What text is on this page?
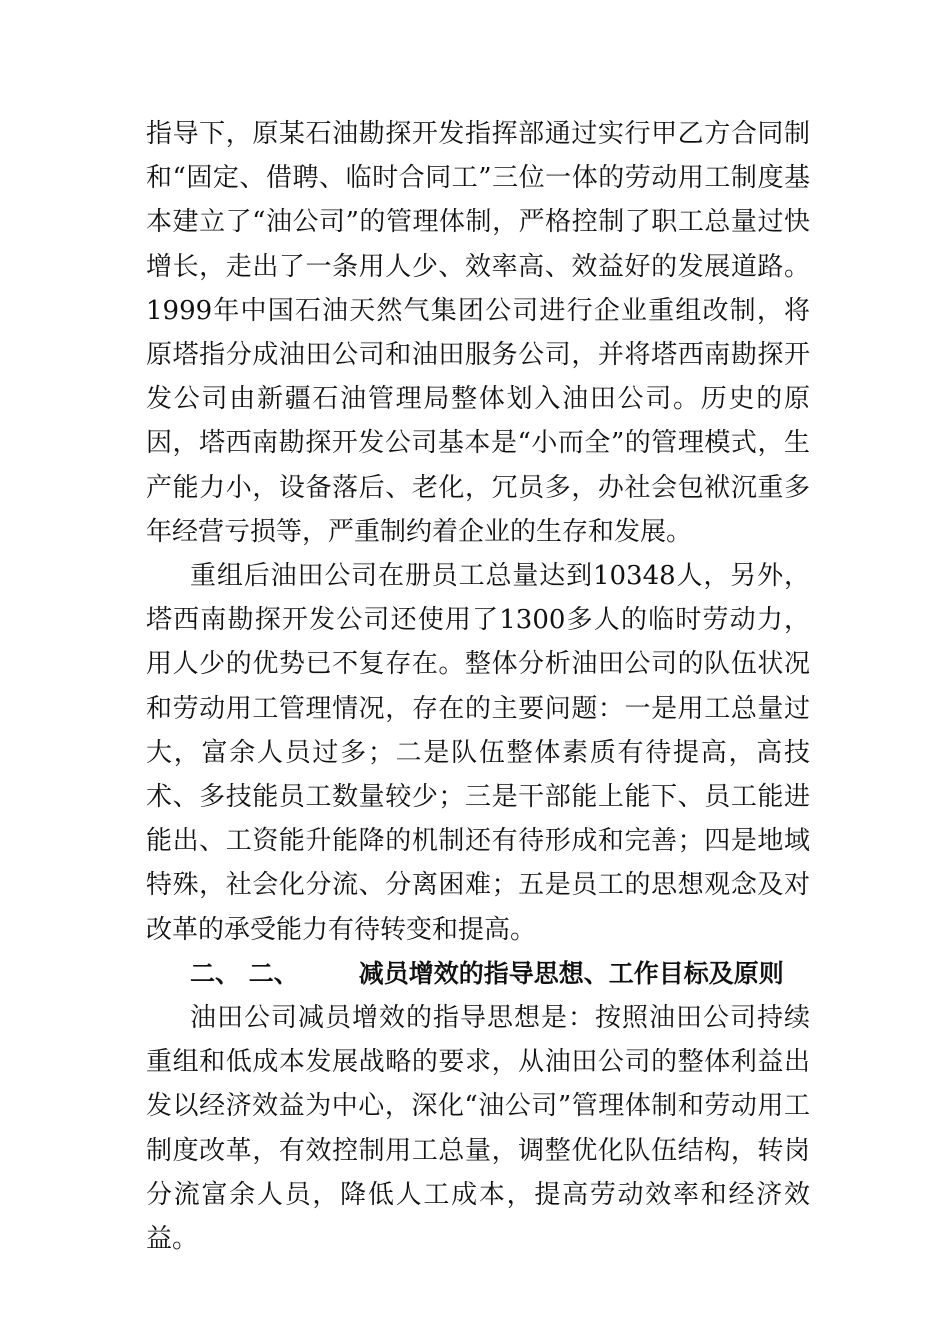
指导下，原某石油勘探开发指挥部通过实行甲乙方合同制和“固定、借聘、临时合同工”三位一体的劳动用工制度基本建立了“油公司”的管理体制，严格控制了职工总量过快增长，走出了一条用人少、效率高、效益好的发展道路。1999年中国石油天然气集团公司进行企业重组改制，将原塔指分成油田公司和油田服务公司，并将塔西南勘探开发公司由新疆石油管理局整体划入油田公司。历史的原因，塔西南勘探开发公司基本是“小而全”的管理模式，生产能力小，设备落后、老化，冗员多，办社会包袱沉重多年经营亏损等，严重制约着企业的生存和发展。

重组后油田公司在册员工总量达到10348人，另外，塔西南勘探开发公司还使用了1300多人的临时劳动力，用人少的优势已不复存在。整体分析油田公司的队伍状况和劳动用工管理情况，存在的主要问题：一是用工总量过大，富余人员过多；二是队伍整体素质有待提高，高技术、多技能员工数量较少；三是干部能上能下、员工能进能出、工资能升能降的机制还有待形成和完善；四是地域特殊，社会化分流、分离困难；五是员工的思想观念及对改革的承受能力有待转变和提高。

二、 二、 减员增效的指导思想、工作目标及原则

油田公司减员增效的指导思想是：按照油田公司持续重组和低成本发展战略的要求，从油田公司的整体利益出发以经济效益为中心，深化“油公司”管理体制和劳动用工制度改革，有效控制用工总量，调整优化队伍结构，转岗分流富余人员，降低人工成本，提高劳动效率和经济效益。
